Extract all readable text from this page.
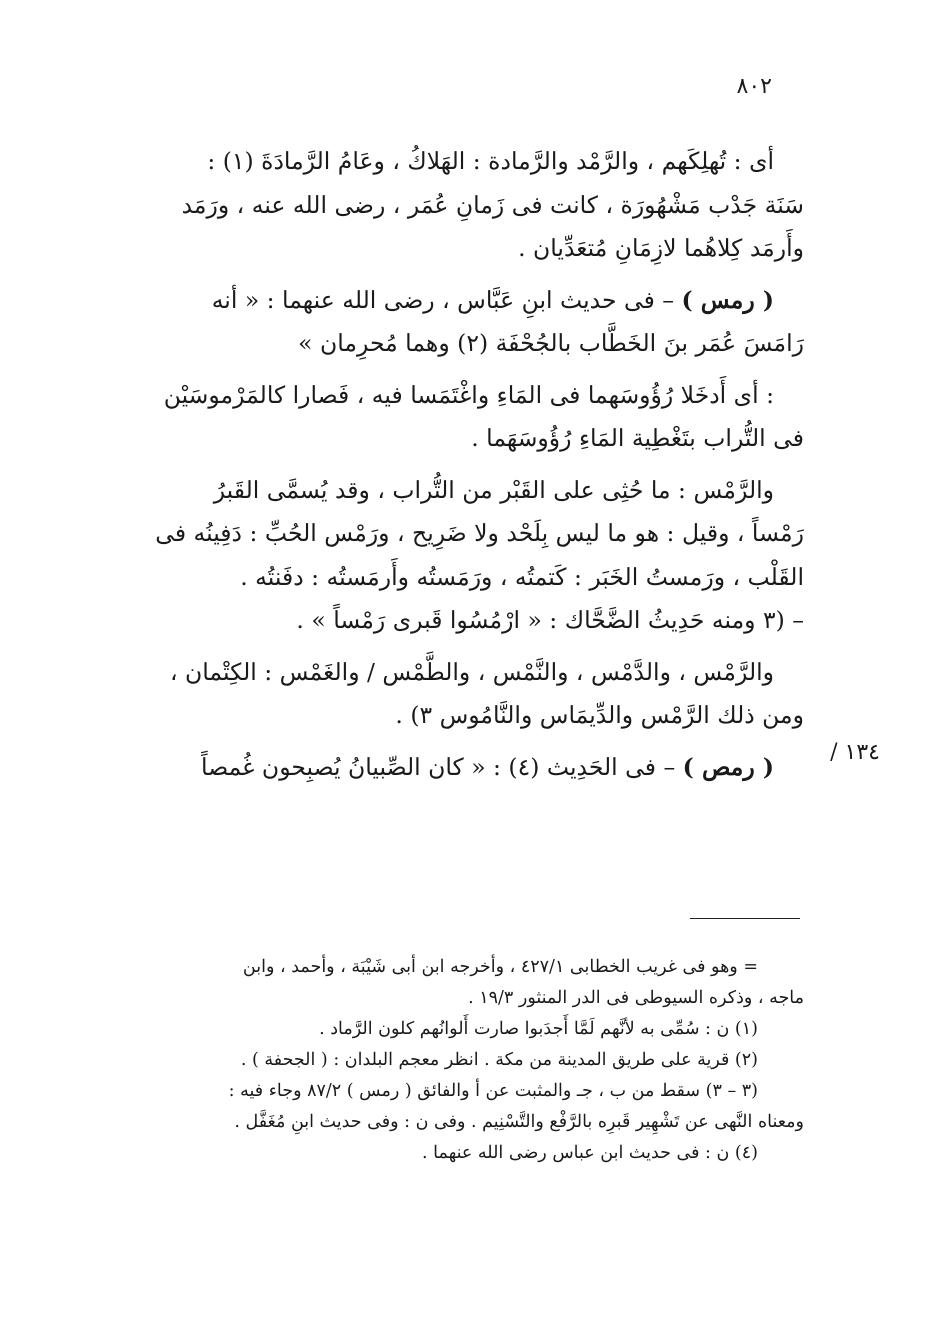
٨٠٢
أى : تُهلِكَهم ، والرَّمْد والرَّمادة : الهَلاكُ ، وعَامُ الرَّمادَةَ (١) :
سَنَة جَدْب مَشْهُورَة ، كانت فى زَمانِ عُمَر ، رضى الله عنه ، ورَمَد
وأَرمَد كِلاهُما لازِمَانِ مُتعَدِّيان .
( رمس ) – فى حديث ابنِ عَبَّاس ، رضى الله عنهما : « أنه
رَامَسَ عُمَر بنَ الخَطَّاب بالجُحْفَة (٢) وهما مُحرِمان »
: أى أَدخَلا رُؤُوسَهما فى المَاءِ واغْتَمَسا فيه ، فَصارا كالمَرْموسَيْن
فى التُّراب بتَغْطِية المَاءِ رُؤُوسَهَما .
والرَّمْس : ما حُثِى على القَبْر من التُّراب ، وقد يُسمَّى القَبرُ
رَمْساً ، وقيل : هو ما ليس بِلَحْد ولا ضَرِيح ، ورَمْس الحُبِّ : دَفِينُه فى
القَلْب ، ورَمستُ الخَبَر : كَتمتُه ، ورَمَستُه وأَرمَستُه : دفَنتُه .
– (٣ ومنه حَدِيثُ الضَّحَّاك : « ارْمُسُوا قَبرى رَمْساً » .
والرَّمْس ، والدَّمْس ، والنَّمْس ، والطَّمْس / والغَمْس : الكِتْمان ،
ومن ذلك الرَّمْس والدِّيمَاس والنَّامُوس ٣) .
( رمص ) – فى الحَدِيث (٤) : « كان الصِّبيانُ يُصبِحون غُمصاً	١٣٤ /
= وهو فى غريب الخطابى ٤٢٧/١ ، وأخرجه ابن أبى شَيْبَة ، وأحمد ، وابن
ماجه ، وذكره السيوطى فى الدر المنثور ١٩/٣ .
(١) ن : سُمِّى به لأنَّهم لَمَّا أَجدَبوا صارت أَلوانُهم كلون الرَّماد .
(٢) قرية على طريق المدينة من مكة . انظر معجم البلدان : ( الجحفة ) .
(٣ – ٣) سقط من ب ، جـ والمثبت عن أ والفائق ( رمس ) ٨٧/٢ وجاء فيه :
ومعناه النَّهى عن تَشْهِير قَبرِه بالرَّفْع والتَّسْنِيم . وفى ن : وفى حديث ابنِ مُغَفَّل .
(٤) ن : فى حديث ابن عباس رضى الله عنهما .
